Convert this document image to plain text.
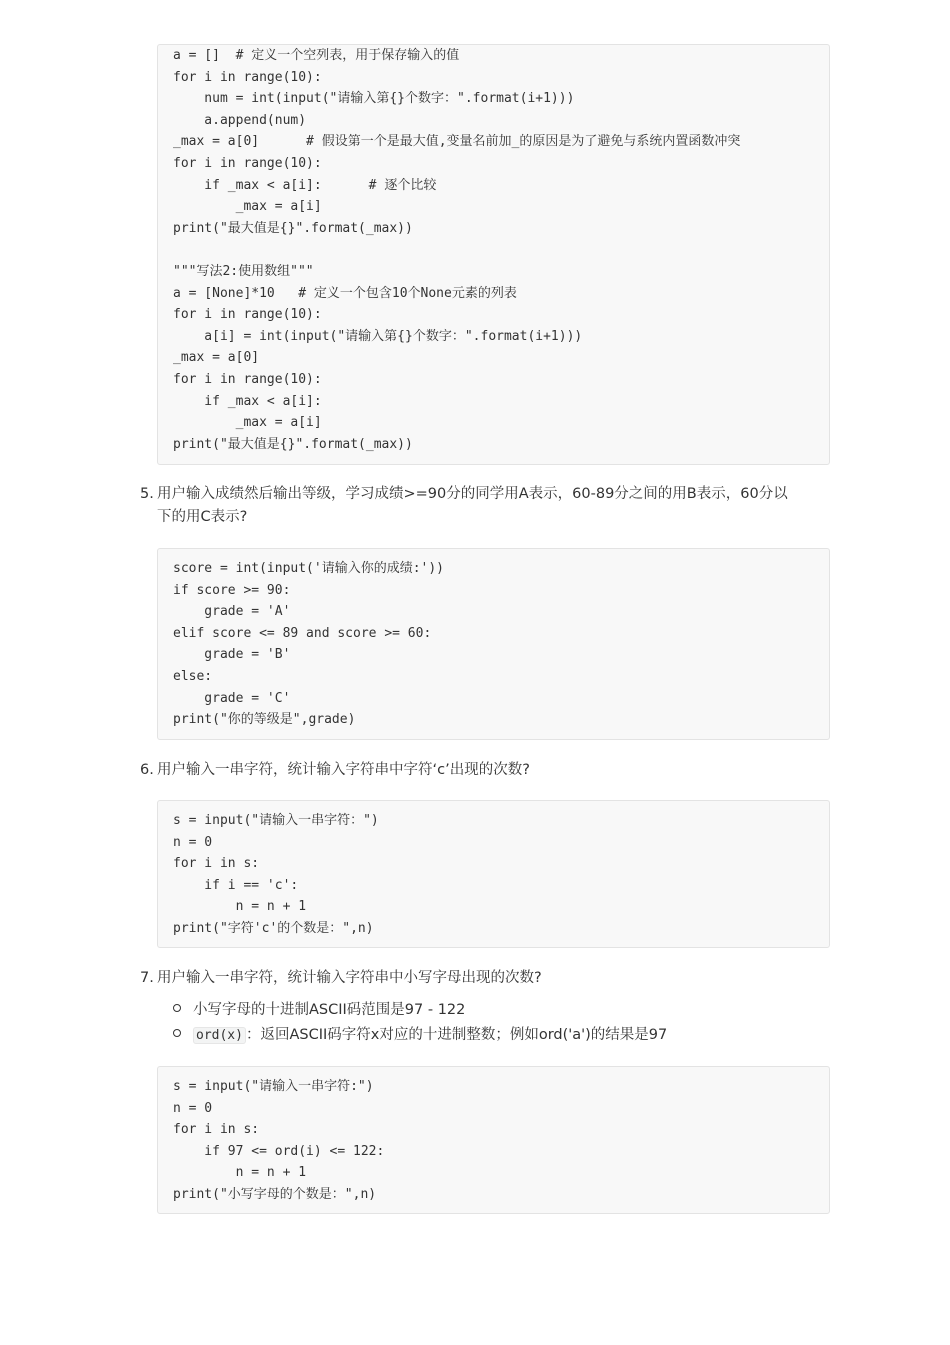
a = []  # 定义一个空列表，用于保存输入的值
for i in range(10):
num = int(input("请输入第{}个数字：".format(i+1)))
a.append(num)
_max = a[0]      # 假设第一个是最大值,变量名前加_的原因是为了避免与系统内置函数冲突
for i in range(10):
if _max < a[i]:      # 逐个比较
_max = a[i]
print("最大值是{}".format(_max))

"""写法2:使用数组"""
a = [None]*10   # 定义一个包含10个None元素的列表
for i in range(10):
a[i] = int(input("请输入第{}个数字：".format(i+1)))
_max = a[0]
for i in range(10):
if _max < a[i]:
_max = a[i]
print("最大值是{}".format(_max))
5. 用户输入成绩然后输出等级，学习成绩>=90分的同学用A表示，60-89分之间的用B表示，60分以
下的用C表示?
score = int(input('请输入你的成绩:'))
if score >= 90:
grade = 'A'
elif score <= 89 and score >= 60:
grade = 'B'
else:
grade = 'C'
print("你的等级是",grade)
6. 用户输入一串字符，统计输入字符串中字符‘c’出现的次数?
s = input("请输入一串字符：")
n = 0
for i in s:
if i == 'c':
n = n + 1
print("字符'c'的个数是：",n)
7. 用户输入一串字符，统计输入字符串中小写字母出现的次数?
小写字母的十进制ASCII码范围是97 - 122
ord(x) ：返回ASCII码字符x对应的十进制整数；例如ord('a')的结果是97
s = input("请输入一串字符:")
n = 0
for i in s:
if 97 <= ord(i) <= 122:
n = n + 1
print("小写字母的个数是：",n)
